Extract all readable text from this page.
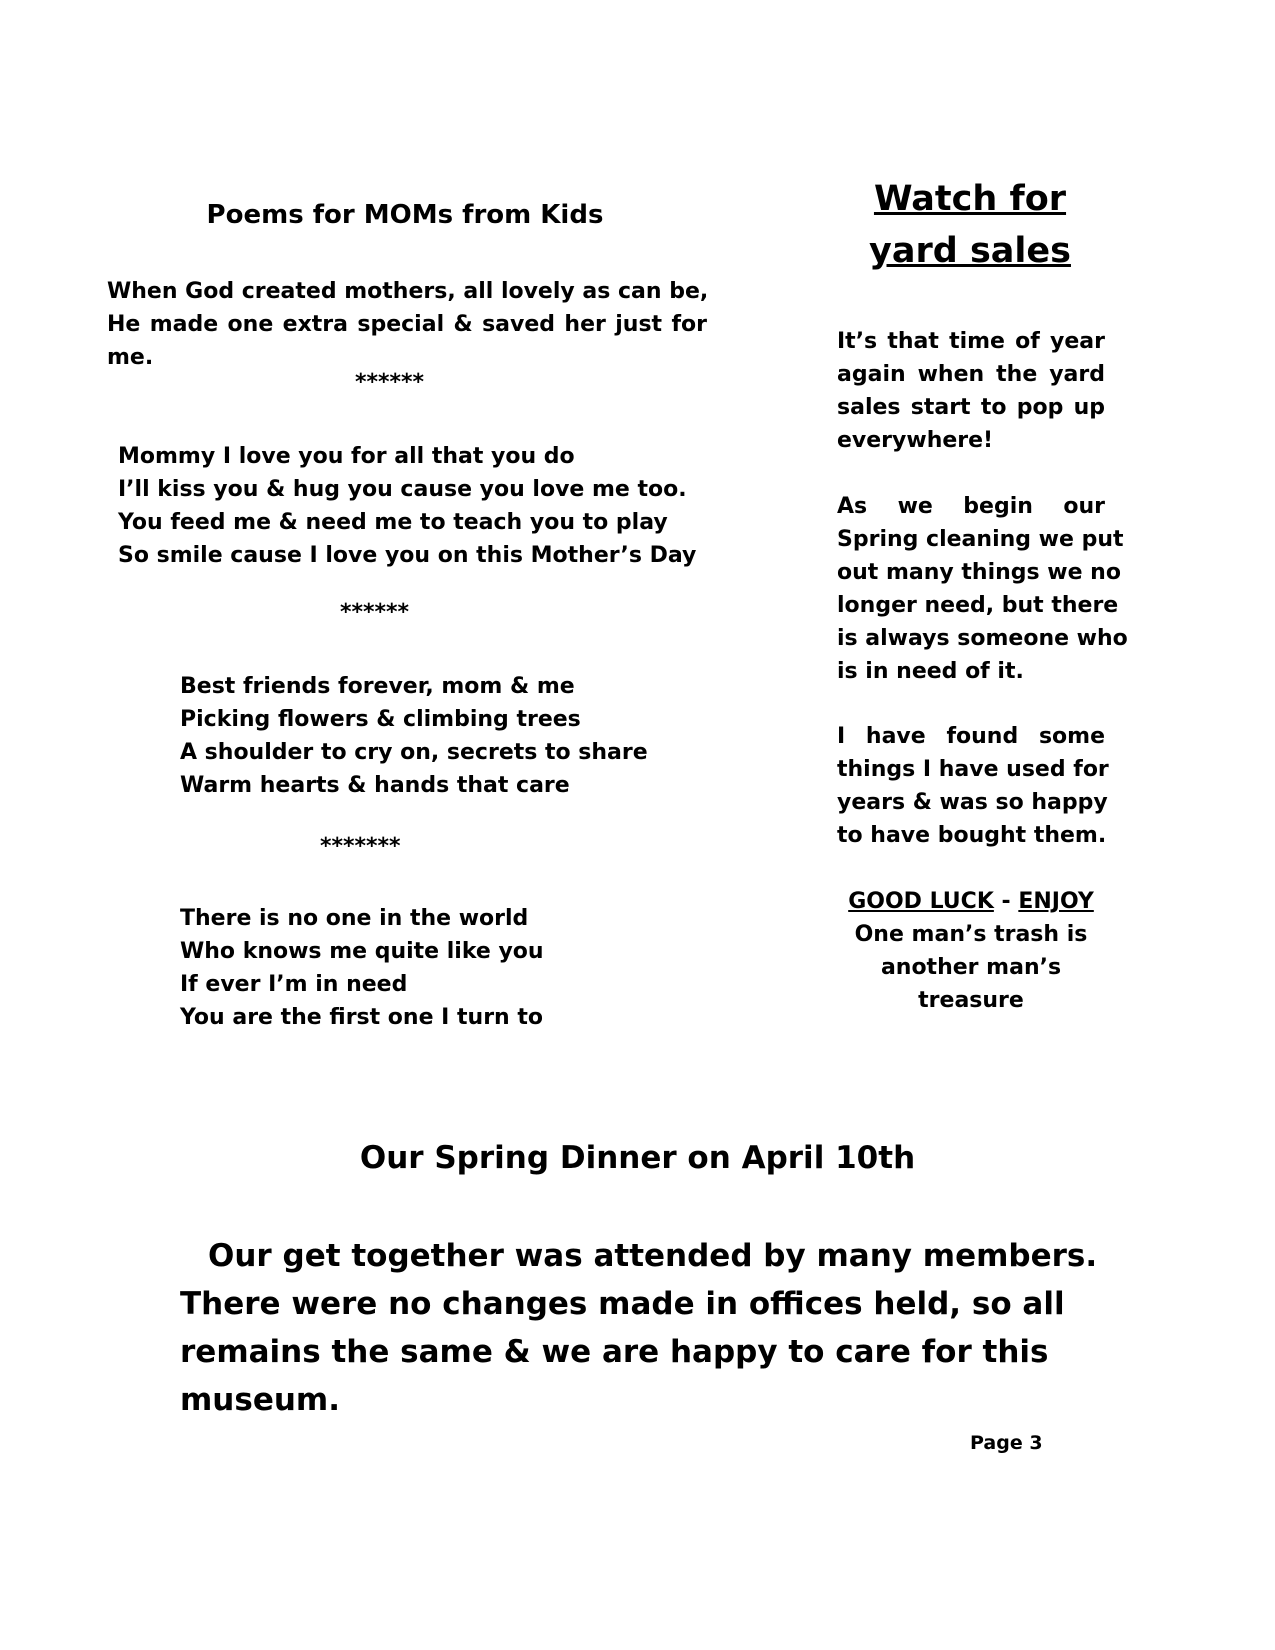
Poems for MOMs from Kids
When God created mothers, all lovely as can be,
He made one extra special & saved her just for
me.
******
Mommy I love you for all that you do
I’ll kiss you & hug you cause you love me too.
You feed me & need me to teach you to play
So smile cause I love you on this Mother’s Day
******
Best friends forever, mom & me
Picking flowers & climbing trees
A shoulder to cry on, secrets to share
Warm hearts & hands that care
*******
There is no one in the world
Who knows me quite like you
If ever I’m in need
You are the first one I turn to
Watch for
yard sales
It’s that time of year
again when the yard
sales start to pop up
everywhere!
As we begin our
Spring cleaning we put
out many things we no
longer need, but there
is always someone who
is in need of it.
I have found some
things I have used for
years & was so happy
to have bought them.
GOOD LUCK - ENJOY
One man’s trash is
another man’s
treasure
Our Spring Dinner on April 10th
Our get together was attended by many members.
There were no changes made in offices held, so all
remains the same & we are happy to care for this
museum.
Page 3
